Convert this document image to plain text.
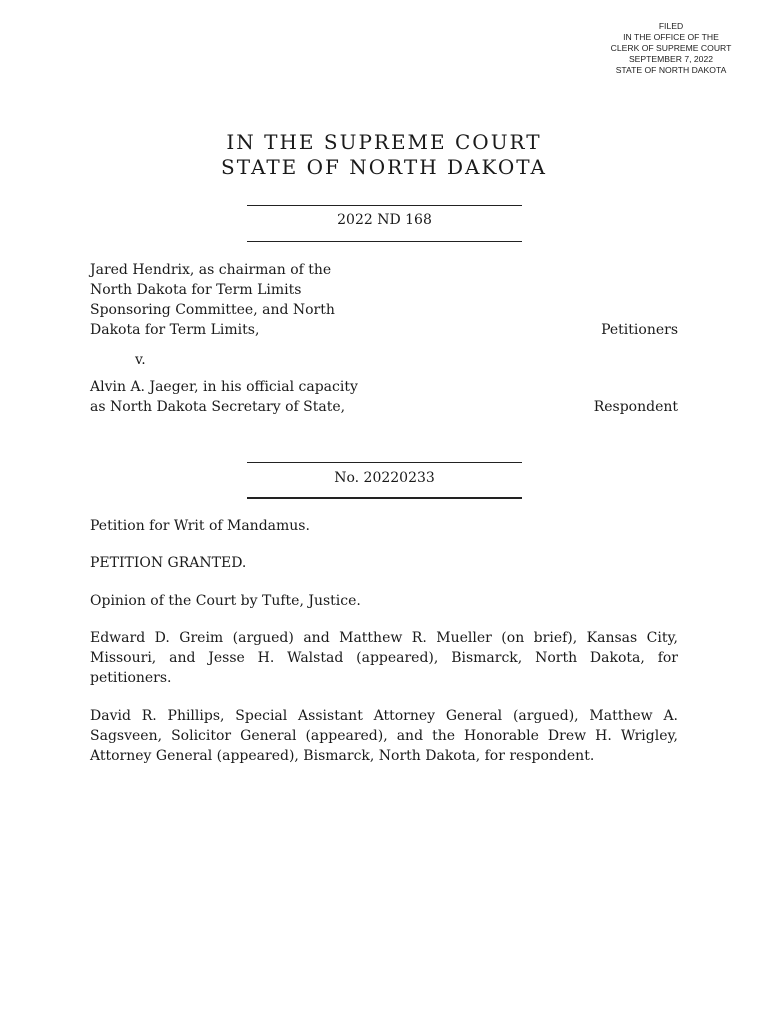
FILED
IN THE OFFICE OF THE
CLERK OF SUPREME COURT
SEPTEMBER 7, 2022
STATE OF NORTH DAKOTA
IN THE SUPREME COURT
STATE OF NORTH DAKOTA
2022 ND 168
Jared Hendrix, as chairman of the
North Dakota for Term Limits
Sponsoring Committee, and North
Dakota for Term Limits,	Petitioners
v.
Alvin A. Jaeger, in his official capacity
as North Dakota Secretary of State,	Respondent
No. 20220233
Petition for Writ of Mandamus.
PETITION GRANTED.
Opinion of the Court by Tufte, Justice.
Edward D. Greim (argued) and Matthew R. Mueller (on brief), Kansas City, Missouri, and Jesse H. Walstad (appeared), Bismarck, North Dakota, for petitioners.
David R. Phillips, Special Assistant Attorney General (argued), Matthew A. Sagsveen, Solicitor General (appeared), and the Honorable Drew H. Wrigley, Attorney General (appeared), Bismarck, North Dakota, for respondent.
